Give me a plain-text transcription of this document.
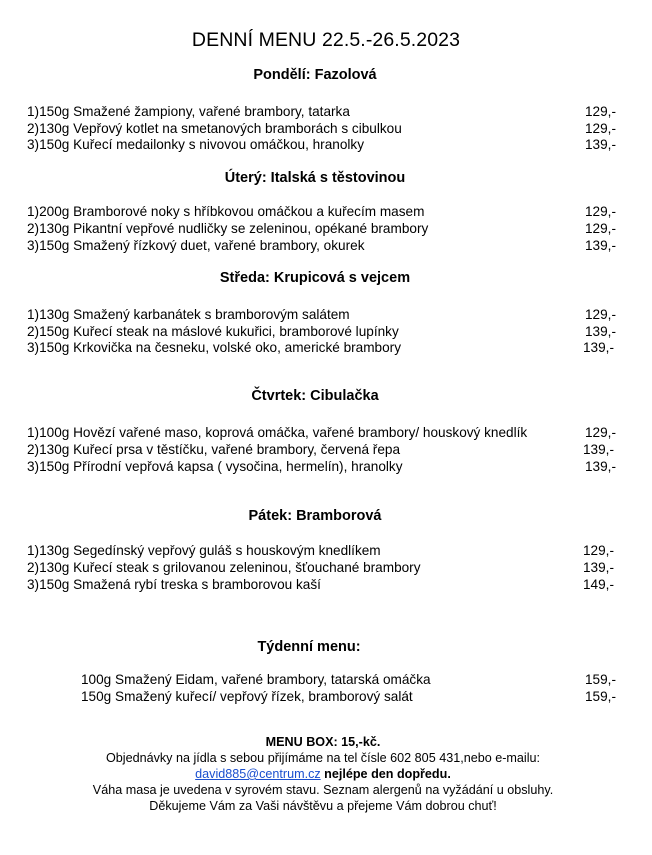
DENNÍ MENU 22.5.-26.5.2023
Pondělí: Fazolová
1)150g Smažené žampiony, vařené brambory, tatarka	129,-
2)130g Vepřový kotlet na smetanových bramborách s cibulkou	129,-
3)150g Kuřecí medailonky s nivovou omáčkou, hranolky	139,-
Úterý: Italská s těstovinou
1)200g Bramborové noky s hříbkovou omáčkou a kuřecím masem	129,-
2)130g Pikantní vepřové nudličky se zeleninou, opékané brambory	129,-
3)150g Smažený řízkový duet, vařené brambory, okurek	139,-
Středa: Krupicová s vejcem
1)130g Smažený karbanátek s bramborovým salátem	129,-
2)150g Kuřecí steak na máslové kukuřici, bramborové lupínky	139,-
3)150g Krkovička na česneku, volské oko, americké brambory	139,-
Čtvrtek: Cibulačka
1)100g Hovězí vařené maso, koprová omáčka, vařené brambory/ houskový knedlík	129,-
2)130g Kuřecí prsa v těstíčku, vařené brambory, červená řepa	139,-
3)150g Přírodní vepřová kapsa ( vysočina, hermelín), hranolky	139,-
Pátek: Bramborová
1)130g Segedínský vepřový guláš s houskovým knedlíkem	129,-
2)130g Kuřecí steak s grilovanou zeleninou, šťouchané brambory	139,-
3)150g Smažená rybí treska s bramborovou kaší	149,-
Týdenní menu:
100g Smažený Eidam, vařené brambory, tatarská omáčka	159,-
150g Smažený kuřecí/ vepřový řízek, bramborový salát	159,-
MENU BOX: 15,-kč.
Objednávky na jídla s sebou přijímáme na tel čísle 602 805 431,nebo e-mailu:
david885@centrum.cz nejlépe den dopředu.
Váha masa je uvedena v syrovém stavu. Seznam alergenů na vyžádání u obsluhy.
Děkujeme Vám za Vaši návštěvu a přejeme Vám dobrou chuť!
